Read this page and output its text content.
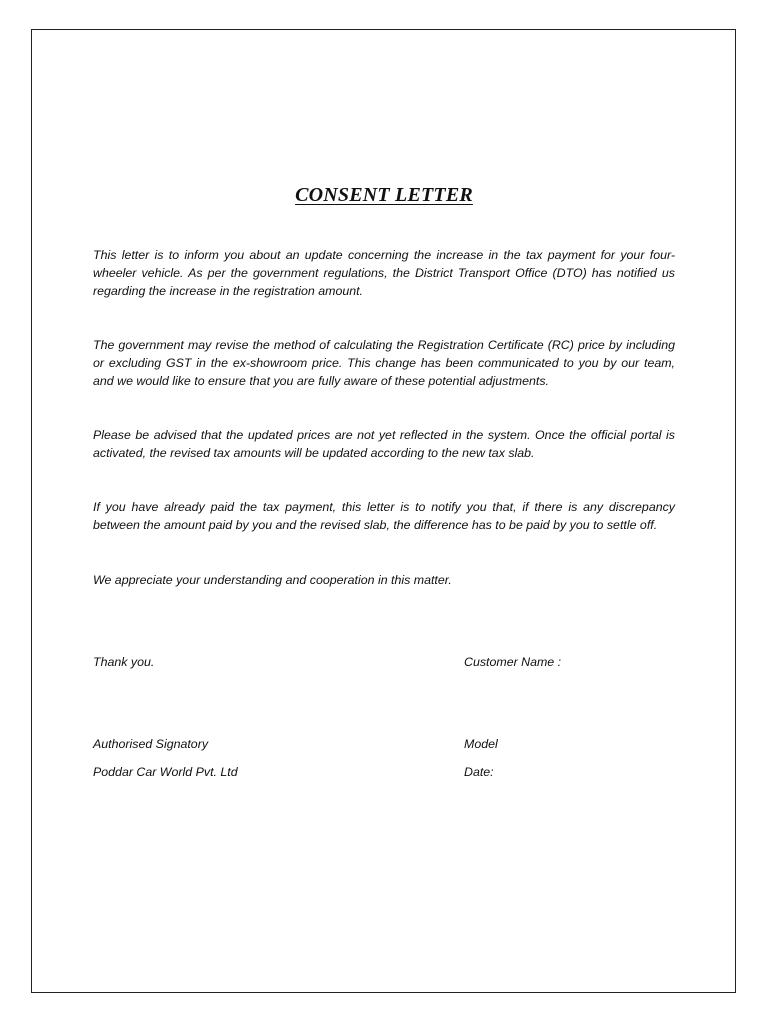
CONSENT LETTER

This letter is to inform you about an update concerning the increase in the tax payment for your four-wheeler vehicle. As per the government regulations, the District Transport Office (DTO) has notified us regarding the increase in the registration amount.

The government may revise the method of calculating the Registration Certificate (RC) price by including or excluding GST in the ex-showroom price. This change has been communicated to you by our team, and we would like to ensure that you are fully aware of these potential adjustments.

Please be advised that the updated prices are not yet reflected in the system. Once the official portal is activated, the revised tax amounts will be updated according to the new tax slab.

If you have already paid the tax payment, this letter is to notify you that, if there is any discrepancy between the amount paid by you and the revised slab, the difference has to be paid by you to settle off.

We appreciate your understanding and cooperation in this matter.

Thank you.	Customer Name :
Authorised Signatory	Model
Poddar Car World Pvt. Ltd	Date:
